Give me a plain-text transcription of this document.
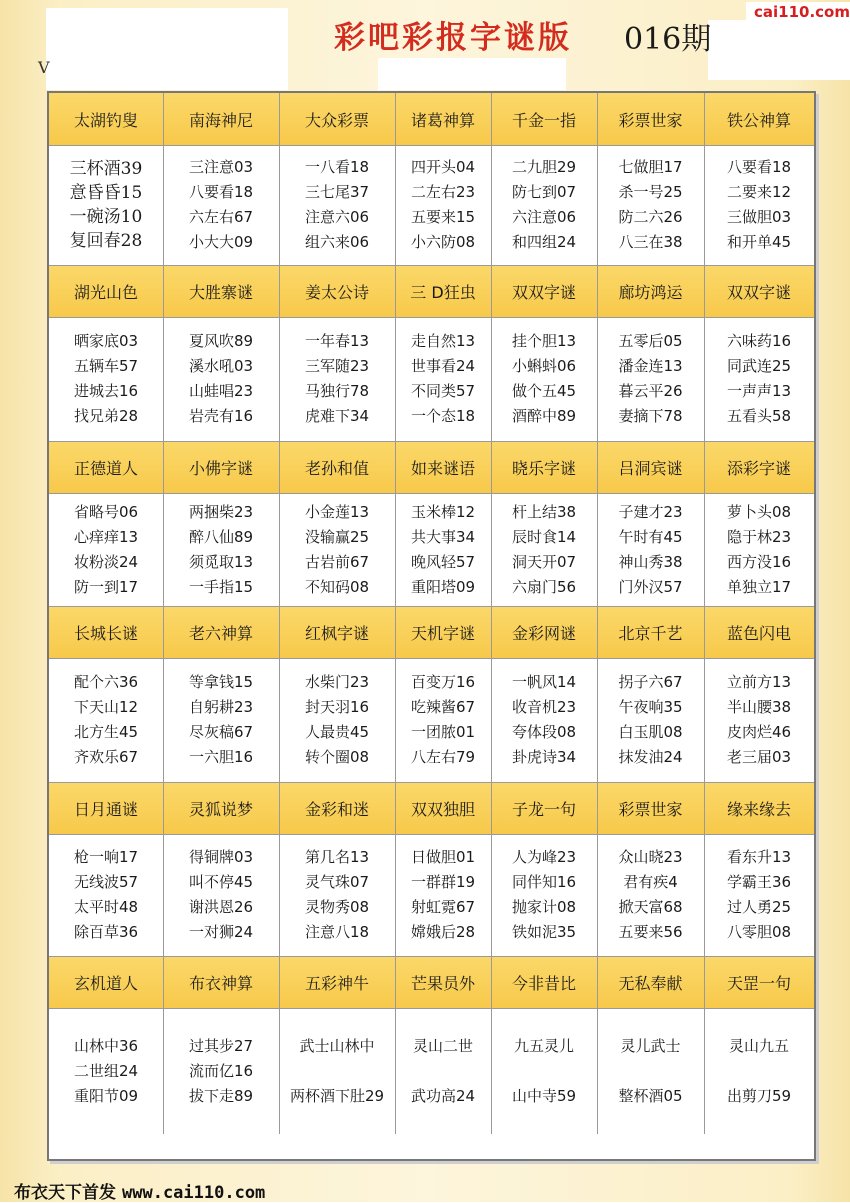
V
彩吧彩报字谜版 016期
cai110.com
太湖钓叟
三杯酒39
意昏昏15
一碗汤10
复回春28
南海神尼
三注意03
八要看18
六左右67
小大大09
大众彩票
一八看18
三七尾37
注意六06
组六来06
诸葛神算
四开头04
二左右23
五要来15
小六防08
千金一指
二九胆29
防七到07
六注意06
和四组24
彩票世家
七做胆17
杀一号25
防二六26
八三在38
铁公神算
八要看18
二要来12
三做胆03
和开单45
湖光山色
晒家底03
五辆车57
进城去16
找兄弟28
大胜寨谜
夏风吹89
溪水吼03
山蛙唱23
岩壳有16
姜太公诗
一年春13
三军随23
马独行78
虎难下34
三 D狂虫
走自然13
世事看24
不同类57
一个态18
双双字谜
挂个胆13
小蝌蚪06
做个五45
酒醉中89
廊坊鸿运
五零后05
潘金连13
暮云平26
妻摘下78
双双字谜
六味药16
同武连25
一声声13
五看头58
正德道人
省略号06
心痒痒13
妆粉淡24
防一到17
小佛字谜
两捆柴23
醉八仙89
须觅取13
一手指15
老孙和值
小金莲13
没输赢25
古岩前67
不知码08
如来谜语
玉米棒12
共大事34
晚风轻57
重阳塔09
晓乐字谜
杆上结38
辰时食14
洞天开07
六扇门56
吕洞宾谜
子建才23
午时有45
神山秀38
门外汉57
添彩字谜
萝卜头08
隐于林23
西方没16
单独立17
长城长谜
配个六36
下天山12
北方生45
齐欢乐67
老六神算
等拿钱15
自躬耕23
尽灰稿67
一六胆16
红枫字谜
水柴门23
封天羽16
人最贵45
转个圈08
天机字谜
百变万16
吃辣酱67
一团脓01
八左右79
金彩网谜
一帆风14
收音机23
夸体段08
卦虎诗34
北京千艺
拐子六67
午夜响35
白玉肌08
抹发油24
蓝色闪电
立前方13
半山腰38
皮肉烂46
老三届03
日月通谜
枪一响17
无线波57
太平时48
除百草36
灵狐说梦
得铜牌03
叫不停45
谢洪恩26
一对狮24
金彩和迷
第几名13
灵气珠07
灵物秀08
注意八18
双双独胆
日做胆01
一群群19
射虹霓67
嫦娥后28
子龙一句
人为峰23
同伴知16
抛家计08
铁如泥35
彩票世家
众山晓23
君有疾4
掀天富68
五要来56
缘来缘去
看东升13
学霸王36
过人勇25
八零胆08
玄机道人
山林中36
二世组24
重阳节09
布衣神算
过其步27
流而亿16
拔下走89
五彩神牛
武士山林中
两杯酒下肚29
芒果员外
灵山二世
武功高24
今非昔比
九五灵儿
山中寺59
无私奉献
灵儿武士
整杯酒05
天罡一句
灵山九五
出剪刀59
布衣天下首发 www.cai110.com
